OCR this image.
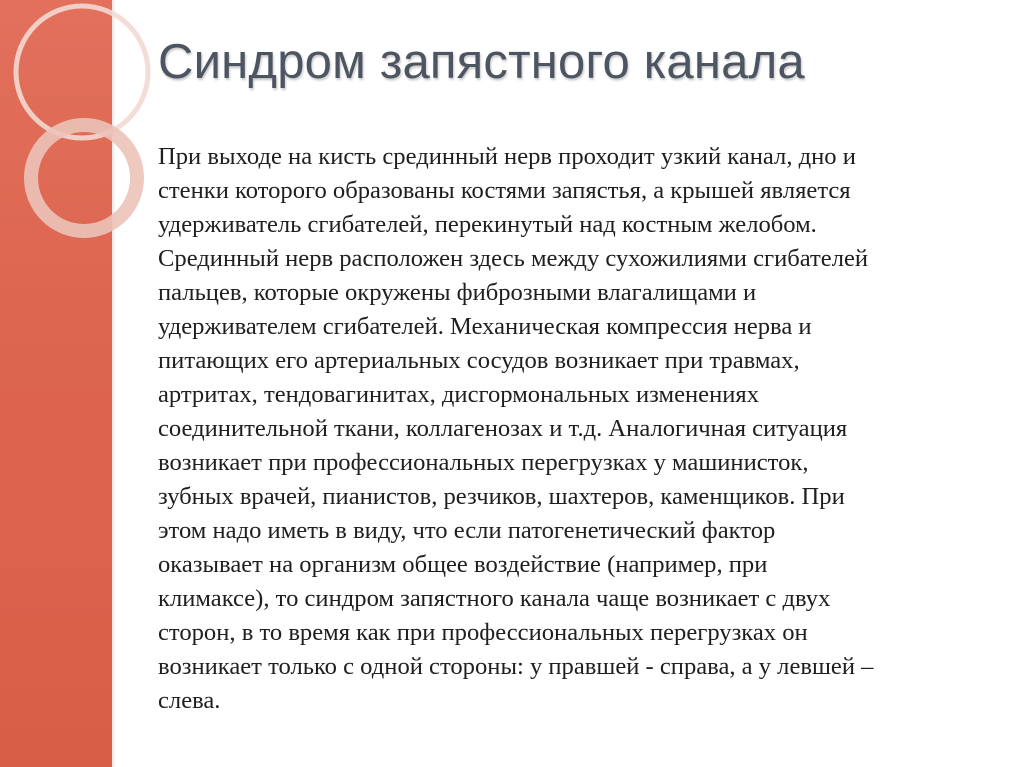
Синдром запястного канала
При выходе на кисть срединный нерв проходит узкий канал, дно и
стенки которого образованы костями запястья, а крышей является
удерживатель сгибателей, перекинутый над костным желобом.
Срединный нерв расположен здесь между сухожилиями сгибателей
пальцев, которые окружены фиброзными влагалищами и
удерживателем сгибателей. Механическая компрессия нерва и
питающих его артериальных сосудов возникает при травмах,
артритах, тендовагинитах, дисгормональных изменениях
соединительной ткани, коллагенозах и т.д. Аналогичная ситуация
возникает при профессиональных перегрузках у машинисток,
зубных врачей, пианистов, резчиков, шахтеров, каменщиков. При
этом надо иметь в виду, что если патогенетический фактор
оказывает на организм общее воздействие (например, при
климаксе), то синдром запястного канала чаще возникает с двух
сторон, в то время как при профессиональных перегрузках он
возникает только с одной стороны: у правшей - справа, а у левшей –
слева.
